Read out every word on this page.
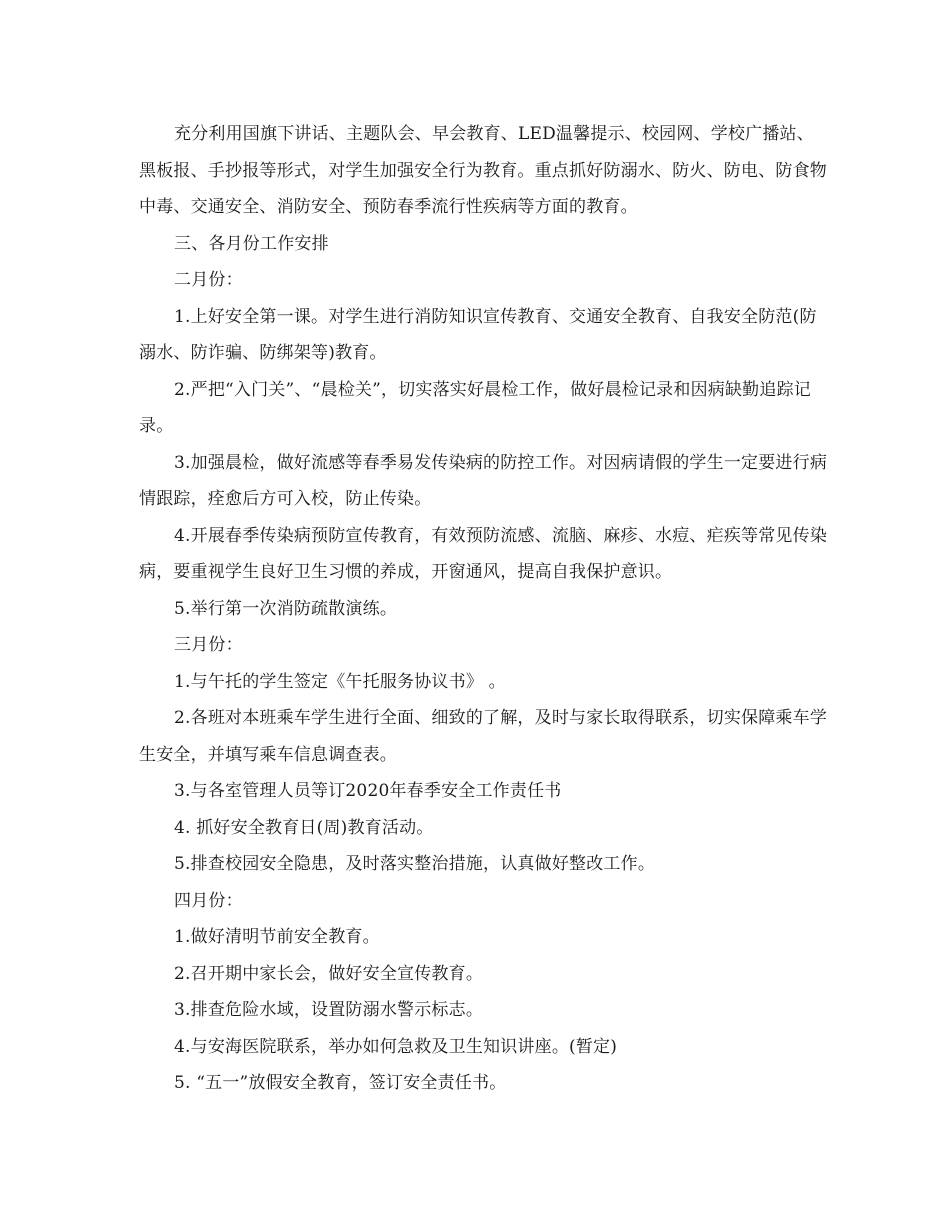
充分利用国旗下讲话、主题队会、早会教育、LED温馨提示、校园网、学校广播站、黑板报、手抄报等形式，对学生加强安全行为教育。重点抓好防溺水、防火、防电、防食物中毒、交通安全、消防安全、预防春季流行性疾病等方面的教育。

三、各月份工作安排

二月份：

1.上好安全第一课。对学生进行消防知识宣传教育、交通安全教育、自我安全防范(防溺水、防诈骗、防绑架等)教育。

2.严把“入门关”、“晨检关”，切实落实好晨检工作，做好晨检记录和因病缺勤追踪记录。

3.加强晨检，做好流感等春季易发传染病的防控工作。对因病请假的学生一定要进行病情跟踪，痊愈后方可入校，防止传染。

4.开展春季传染病预防宣传教育，有效预防流感、流脑、麻疹、水痘、疟疾等常见传染病，要重视学生良好卫生习惯的养成，开窗通风，提高自我保护意识。

5.举行第一次消防疏散演练。

三月份：

1.与午托的学生签定《午托服务协议书》 。

2.各班对本班乘车学生进行全面、细致的了解，及时与家长取得联系，切实保障乘车学生安全，并填写乘车信息调查表。

3.与各室管理人员等订2020年春季安全工作责任书

4. 抓好安全教育日(周)教育活动。

5.排查校园安全隐患，及时落实整治措施，认真做好整改工作。

四月份：

1.做好清明节前安全教育。

2.召开期中家长会，做好安全宣传教育。

3.排查危险水域，设置防溺水警示标志。

4.与安海医院联系，举办如何急救及卫生知识讲座。(暂定)

5. “五一”放假安全教育，签订安全责任书。
